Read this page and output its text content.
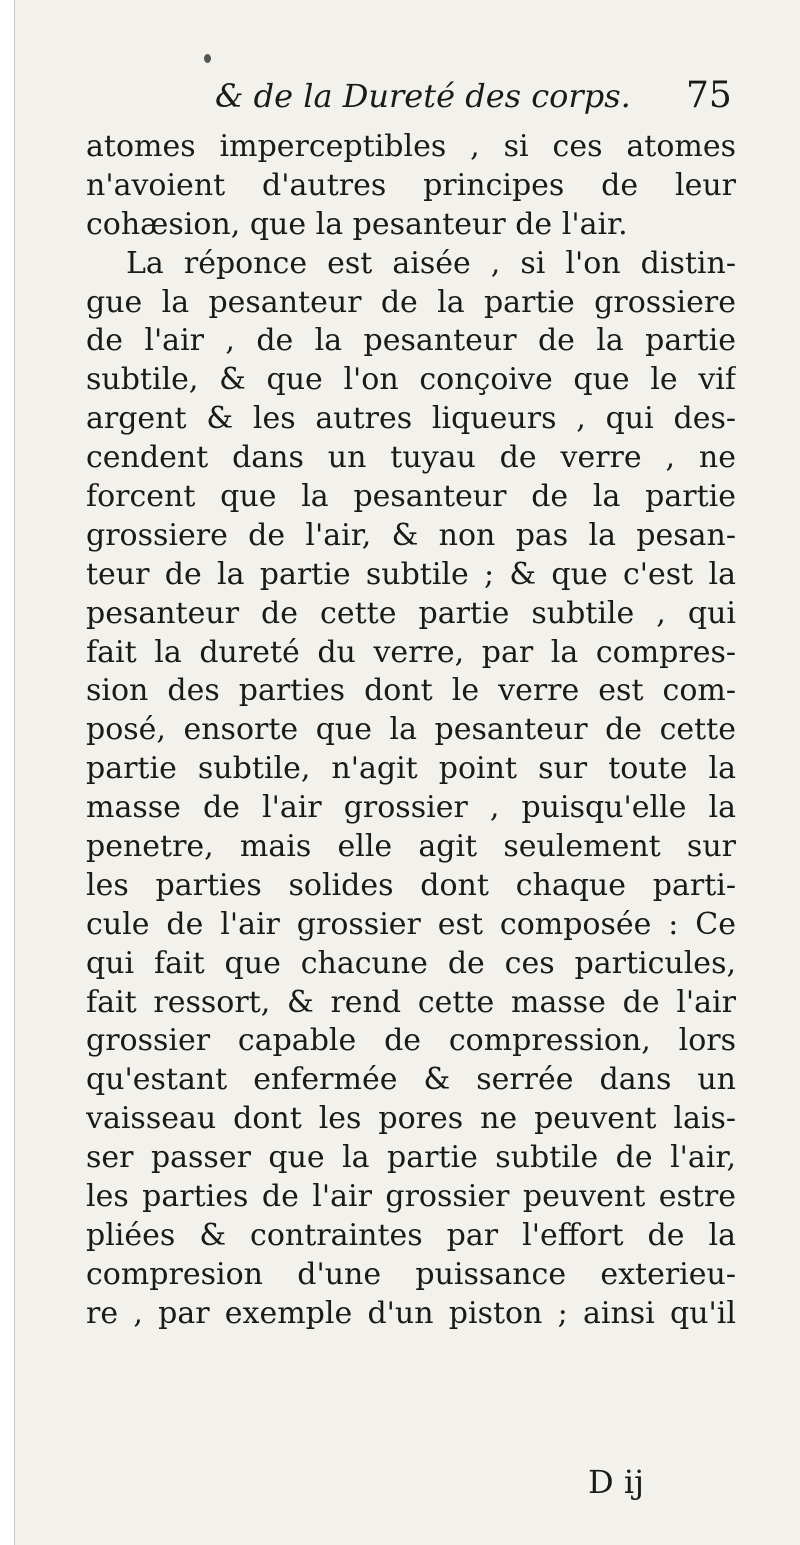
& de la Dureté des corps. 75
atomes imperceptibles , si ces atomes
n'avoient d'autres principes de leur
cohæsion, que la pesanteur de l'air.
La réponce est aisée , si l'on distin-
gue la pesanteur de la partie grossiere
de l'air , de la pesanteur de la partie
subtile, & que l'on conçoive que le vif
argent & les autres liqueurs , qui des-
cendent dans un tuyau de verre , ne
forcent que la pesanteur de la partie
grossiere de l'air, & non pas la pesan-
teur de la partie subtile ; & que c'est la
pesanteur de cette partie subtile , qui
fait la dureté du verre, par la compres-
sion des parties dont le verre est com-
posé, ensorte que la pesanteur de cette
partie subtile, n'agit point sur toute la
masse de l'air grossier , puisqu'elle la
penetre, mais elle agit seulement sur
les parties solides dont chaque parti-
cule de l'air grossier est composée : Ce
qui fait que chacune de ces particules,
fait ressort, & rend cette masse de l'air
grossier capable de compression, lors
qu'estant enfermée & serrée dans un
vaisseau dont les pores ne peuvent lais-
ser passer que la partie subtile de l'air,
les parties de l'air grossier peuvent estre
pliées & contraintes par l'effort de la
compresion d'une puissance exterieu-
re , par exemple d'un piston ; ainsi qu'il
D ij
